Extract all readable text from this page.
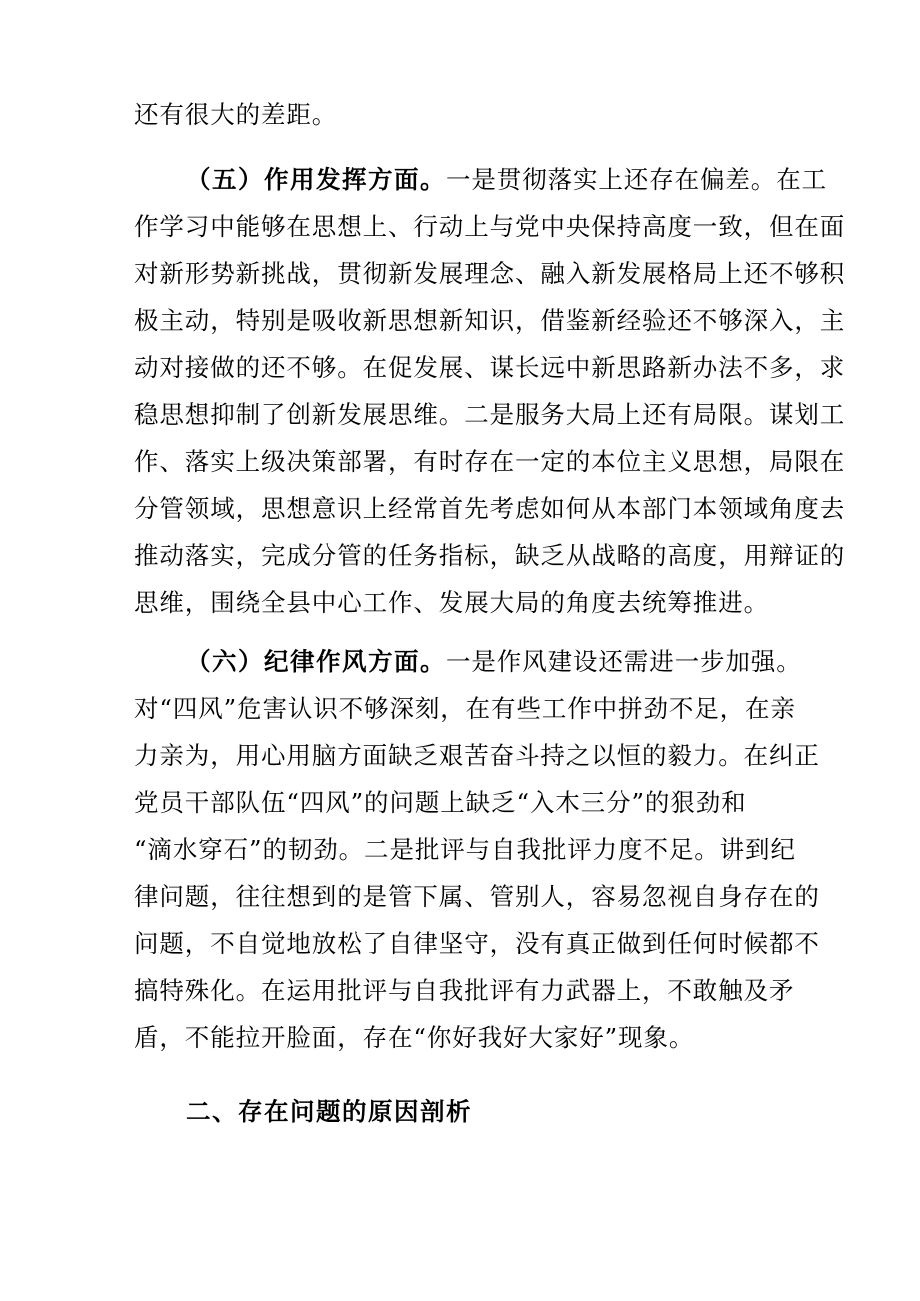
还有很大的差距。
（五）作用发挥方面。一是贯彻落实上还存在偏差。在工
作学习中能够在思想上、行动上与党中央保持高度一致，但在面
对新形势新挑战，贯彻新发展理念、融入新发展格局上还不够积
极主动，特别是吸收新思想新知识，借鉴新经验还不够深入，主
动对接做的还不够。在促发展、谋长远中新思路新办法不多，求
稳思想抑制了创新发展思维。二是服务大局上还有局限。谋划工
作、落实上级决策部署，有时存在一定的本位主义思想，局限在
分管领域，思想意识上经常首先考虑如何从本部门本领域角度去
推动落实，完成分管的任务指标，缺乏从战略的高度，用辩证的
思维，围绕全县中心工作、发展大局的角度去统筹推进。
（六）纪律作风方面。一是作风建设还需进一步加强。
对“四风”危害认识不够深刻，在有些工作中拼劲不足，在亲
力亲为，用心用脑方面缺乏艰苦奋斗持之以恒的毅力。在纠正
党员干部队伍“四风”的问题上缺乏“入木三分”的狠劲和
“滴水穿石”的韧劲。二是批评与自我批评力度不足。讲到纪
律问题，往往想到的是管下属、管别人，容易忽视自身存在的
问题，不自觉地放松了自律坚守，没有真正做到任何时候都不
搞特殊化。在运用批评与自我批评有力武器上，不敢触及矛
盾，不能拉开脸面，存在“你好我好大家好”现象。
二、存在问题的原因剖析
